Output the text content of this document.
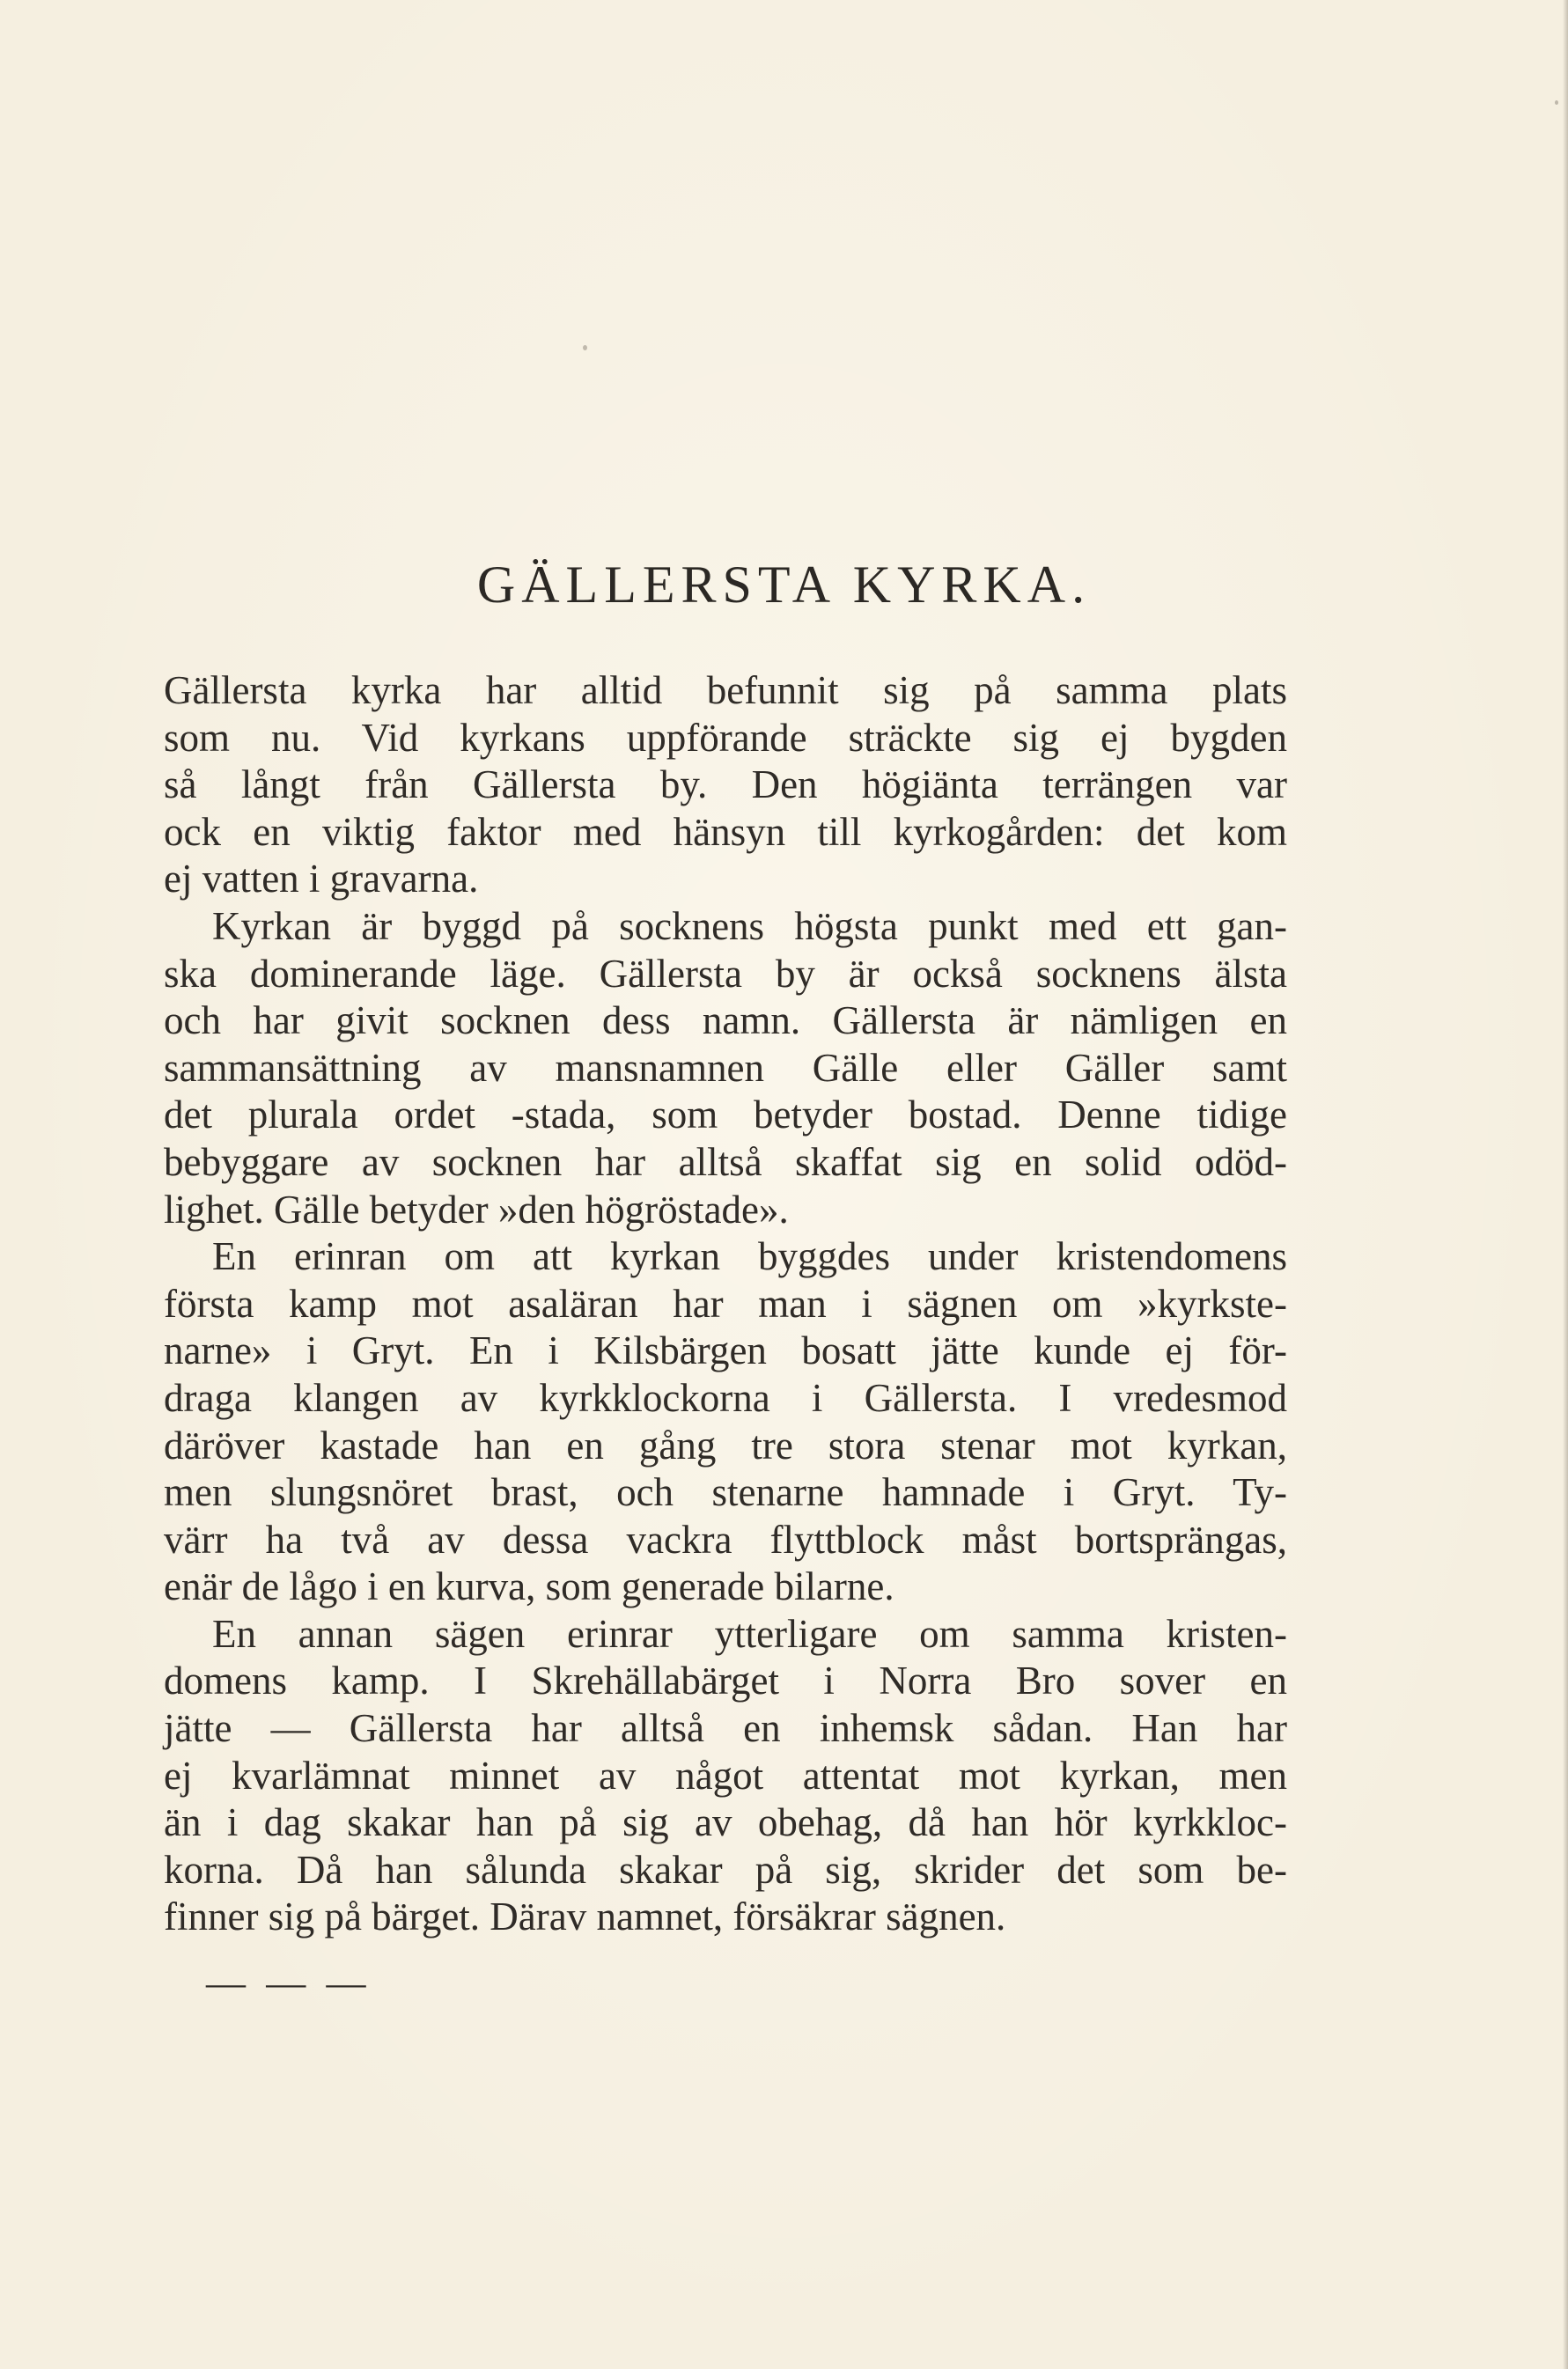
GÄLLERSTA KYRKA.

Gällersta kyrka har alltid befunnit sig på samma plats
som nu. Vid kyrkans uppförande sträckte sig ej bygden
så långt från Gällersta by. Den högiänta terrängen var
ock en viktig faktor med hänsyn till kyrkogården: det kom
ej vatten i gravarna.

Kyrkan är byggd på socknens högsta punkt med ett gan-
ska dominerande läge. Gällersta by är också socknens älsta
och har givit socknen dess namn. Gällersta är nämligen en
sammansättning av mansnamnen Gälle eller Gäller samt
det plurala ordet -stada, som betyder bostad. Denne tidige
bebyggare av socknen har alltså skaffat sig en solid odöd-
lighet. Gälle betyder »den högröstade».

En erinran om att kyrkan byggdes under kristendomens
första kamp mot asaläran har man i sägnen om »kyrkste-
narne» i Gryt. En i Kilsbärgen bosatt jätte kunde ej för-
draga klangen av kyrkklockorna i Gällersta. I vredesmod
däröver kastade han en gång tre stora stenar mot kyrkan,
men slungsnöret brast, och stenarne hamnade i Gryt. Ty-
värr ha två av dessa vackra flyttblock måst bortsprängas,
enär de lågo i en kurva, som generade bilarne.

En annan sägen erinrar ytterligare om samma kristen-
domens kamp. I Skrehällabärget i Norra Bro sover en
jätte — Gällersta har alltså en inhemsk sådan. Han har
ej kvarlämnat minnet av något attentat mot kyrkan, men
än i dag skakar han på sig av obehag, då han hör kyrkkloc-
korna. Då han sålunda skakar på sig, skrider det som be-
finner sig på bärget. Därav namnet, försäkrar sägnen.

— — —
